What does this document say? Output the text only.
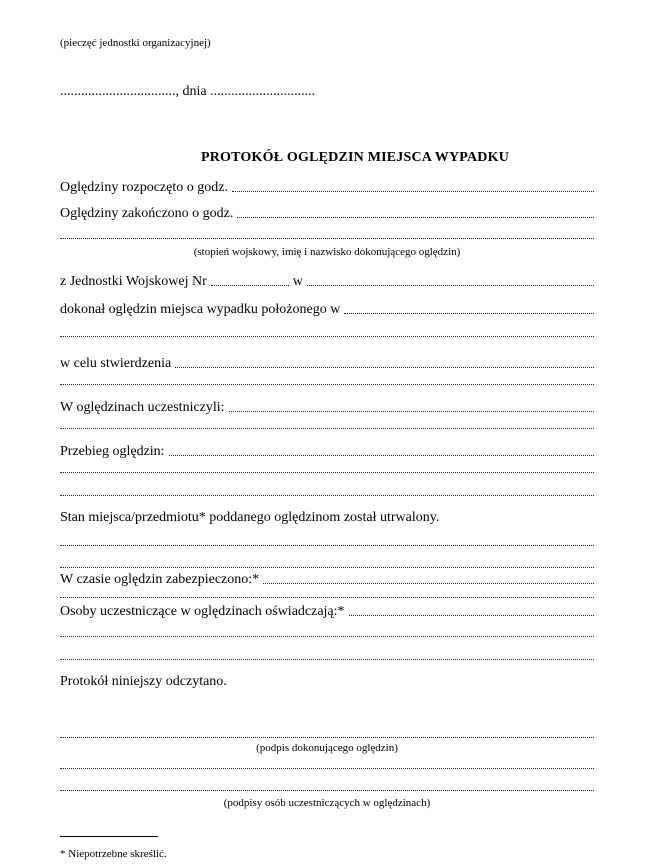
(pieczęć jednostki organizacyjnej)
................................., dnia ..............................
PROTOKÓŁ OGLĘDZIN MIEJSCA WYPADKU
Oględziny rozpoczęto o godz.
Oględziny zakończono o godz.
(stopień wojskowy, imię i nazwisko dokonującego oględzin)
z Jednostki Wojskowej Nr	w
dokonał oględzin miejsca wypadku położonego w
w celu stwierdzenia
W oględzinach uczestniczyli:
Przebieg oględzin:
Stan miejsca/przedmiotu* poddanego oględzinom został utrwalony.
W czasie oględzin zabezpieczono:*
Osoby uczestniczące w oględzinach oświadczają:*
Protokół niniejszy odczytano.
(podpis dokonującego oględzin)
(podpisy osób uczestniczących w oględzinach)
* Niepotrzebne skreślić.
